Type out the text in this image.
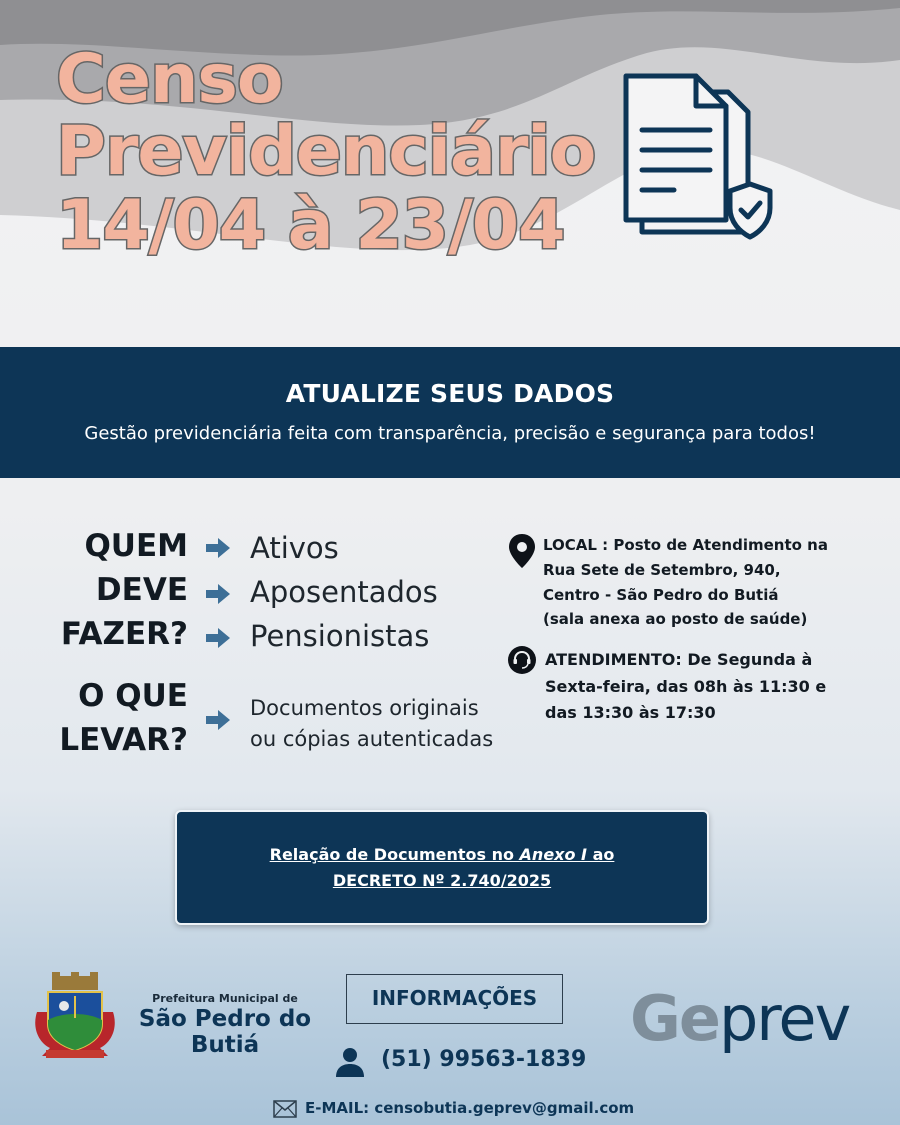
Censo
Previdenciário
14/04 à 23/04
ATUALIZE SEUS DADOS
Gestão previdenciária feita com transparência, precisão e segurança para todos!
QUEM
DEVE
FAZER?
Ativos
Aposentados
Pensionistas
O QUE
LEVAR?
Documentos originais
ou cópias autenticadas
LOCAL : Posto de Atendimento na
Rua Sete de Setembro, 940,
Centro - São Pedro do Butiá
(sala anexa ao posto de saúde)
ATENDIMENTO: De Segunda à
Sexta-feira, das 08h às 11:30 e
das 13:30 às 17:30
Relação de Documentos no Anexo I ao
DECRETO Nº 2.740/2025
Prefeitura Municipal de
São Pedro do
Butiá
INFORMAÇÕES
(51) 99563-1839
E-MAIL: censobutia.geprev@gmail.com
Geprev
